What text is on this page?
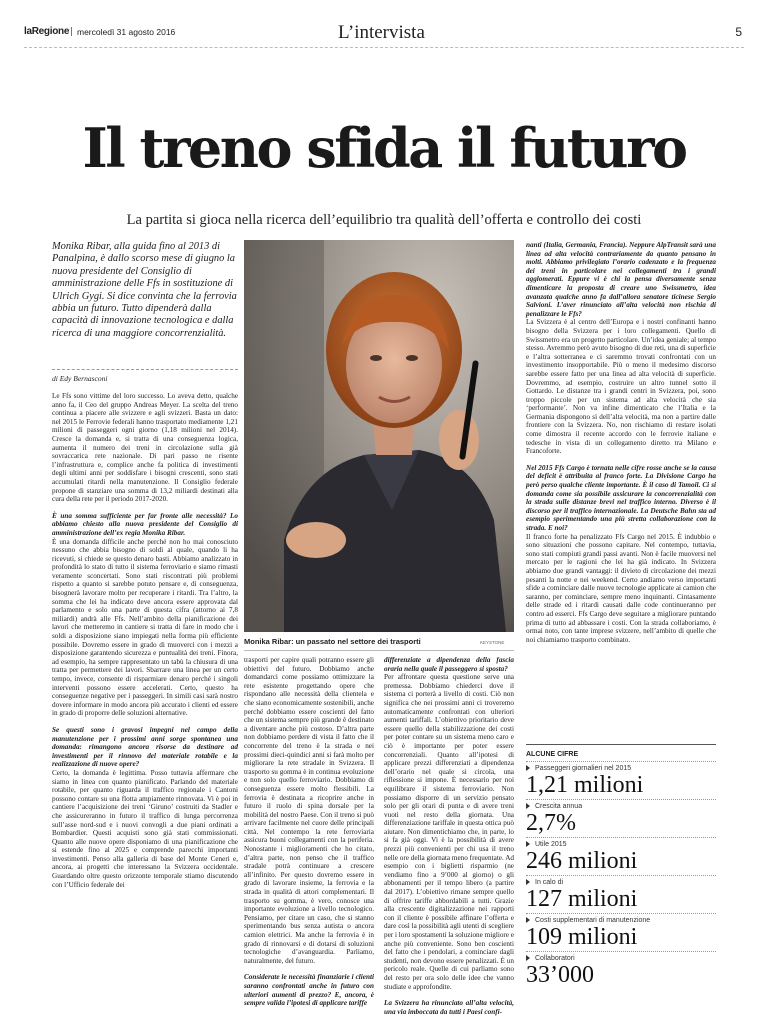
laRegione mercoledì 31 agosto 2016	L’intervista	5
Il treno sfida il futuro
La partita si gioca nella ricerca dell’equilibrio tra qualità dell’offerta e controllo dei costi
Monika Ribar, alla guida fino al 2013 di Panalpina, è dallo scorso mese di giugno la nuova presidente del Consiglio di amministrazione delle Ffs in sostituzione di Ulrich Gygi. Si dice convinta che la ferrovia abbia un futuro. Tutto dipenderà dalla capacità di innovazione tecnologica e dalla ricerca di una maggiore concorrenzialità.
di Edy Bernasconi

Le Ffs sono vittime del loro successo. Lo aveva detto, qualche anno fa, il Ceo del gruppo Andreas Meyer. La scelta del treno continua a piacere alle svizzere e agli svizzeri. Basta un dato: nel 2015 le Ferrovie federali hanno trasportato mediamente 1,21 milioni di passeggeri ogni giorno (1,18 milioni nel 2014). Cresce la domanda e, si tratta di una conseguenza logica, aumenta il numero dei treni in circolazione sulla già sovraccarica rete nazionale. Di pari passo ne risente l’infrastruttura e, complice anche fa politica di investimenti degli ultimi anni per soddisfare i bisogni crescenti, sono stati accumulati ritardi nella manutenzione. Il Consiglio federale propone di stanziare una somma di 13,2 miliardi destinati alla cura della rete per il periodo 2017-2020.

È una somma sufficiente per far fronte alle necessità? Lo abbiamo chiesto alla nuova presidente del Consiglio di amministrazione dell’ex regia Monika Ribar.

È una domanda difficile anche perché non ho mai conosciuto nessuno che abbia bisogno di soldi al quale, quando li ha ricevuti, si chiede se questo denaro basti. Abbiamo analizzato in profondità lo stato di tutto il sistema ferroviario e siamo rimasti veramente sconcertati. Sono stati riscontrati più problemi rispetto a quanto si sarebbe potuto pensare e, di conseguenza, bisognerà lavorare molto per recuperare i ritardi. Tra l’altro, la somma che lei ha indicato deve ancora essere approvata dal parlamento e solo una parte di questa cifra (attorno ai 7,8 miliardi) andrà alle Ffs. Nell’ambito della pianificazione dei lavori che metteremo in cantiere si tratta di fare in modo che i soldi a disposizione siano impiegati nella forma più efficiente possibile. Dovremo essere in grado di muoverci con i mezzi a disposizione garantendo sicurezza e puntualità dei treni. Finora, ad esempio, ha sempre rappresentato un tabù la chiusura di una tratta per permettere dei lavori. Sbarrare una linea per un certo tempo, invece, consente di risparmiare denaro perché i singoli interventi possono essere accelerati. Certo, questo ha conseguenze negative per i passeggeri. In simili casi sarà nostro dovere informare in modo ancora più accurato i clienti ed essere in grado di proporre delle soluzioni alternative.

Se questi sono i gravosi impegni nel campo della manutenzione per i prossimi anni sorge spontanea una domanda: rimangono ancora risorse da destinare ad investimenti per il rinnovo del materiale rotabile e la realizzazione di nuove opere?

Certo, la domanda è legittima. Posso tuttavia affermare che siamo in linea con quanto pianificato. Parlando del materiale rotabile, per quanto riguarda il traffico regionale i Cantoni possono contare su una flotta ampiamente rinnovata. Vi è poi in cantiere l’acquisizione dei treni ‘Giruno’ costruiti da Stadler e che assicureranno in futuro il traffico di lunga percorrenza sull’asse nord-sud e i nuovi convogli a due piani ordinati a Bombardier. Questi acquisti sono già stati commissionati. Quanto alle nuove opere disponiamo di una pianificazione che si estende fino al 2025 e comprende parecchi importanti investimenti. Penso alla galleria di base del Monte Ceneri e, ancora, ai progetti che interessano la Svizzera occidentale. Guardando oltre questo orizzonte temporale stiamo discutendo con l’Ufficio federale dei

Monika Ribar: un passato nel settore dei trasporti	KEYSTONE

trasporti per capire quali potranno essere gli obiettivi del futuro. Dobbiamo anche domandarci come possiamo ottimizzare la rete esistente progettando opere che rispondano alle necessità della clientela e che siano economicamente sostenibili, anche perché dobbiamo essere coscienti del fatto che un sistema sempre più grande è destinato a diventare anche più costoso. D’altra parte non dobbiamo perdere di vista il fatto che il concorrente del treno è la strada e nei prossimi dieci-quindici anni si farà molto per migliorare la rete stradale in Svizzera. Il trasporto su gomma è in continua evoluzione e non solo quello ferroviario. Dobbiamo di conseguenza essere molto flessibili. La ferrovia è destinata a ricoprire anche in futuro il ruolo di spina dorsale per la mobilità del nostro Paese. Con il treno si può arrivare facilmente nel cuore delle principali città. Nel contempo la rete ferroviaria assicura buoni collegamenti con la periferia. Nonostante i miglioramenti che ho citato, d’altra parte, non penso che il traffico stradale potrà continuare a crescere all’infinito. Per questo dovremo essere in grado di lavorare insieme, la ferrovia e la strada in qualità di attori complementari. Il trasporto su gomma, è vero, conosce una importante evoluzione a livello tecnologico. Pensiamo, per citare un caso, che si stanno sperimentando bus senza autista o ancora camion elettrici. Ma anche la ferrovia è in grado di rinnovarsi e di dotarsi di soluzioni tecnologiche d’avanguardia. Parliamo, naturalmente, del futuro.

Considerate le necessità finanziarie i clienti saranno confrontati anche in futuro con ulteriori aumenti di prezzo? E, ancora, è sempre valida l’ipotesi di applicare tariffe

differenziate a dipendenza della fascia oraria nella quale il passeggero si sposta?

Per affrontare questa questione serve una premessa. Dobbiamo chiederci dove il sistema ci porterà a livello di costi. Ciò non significa che nei prossimi anni ci troveremo automaticamente confrontati con ulteriori aumenti tariffali. L’obiettivo prioritario deve essere quello della stabilizzazione dei costi per poter contare su un sistema meno caro e ciò è importante per poter essere concorrenziali. Quanto all’ipotesi di applicare prezzi differenziati a dipendenza dell’orario nel quale si circola, una riflessione si impone. È necessario per noi equilibrare il sistema ferroviario. Non possiamo disporre di un servizio pensato solo per gli orari di punta e di avere treni vuoti nel resto della giornata. Una differenziazione tariffale in questa ottica può aiutare. Non dimentichiamo che, in parte, lo si fa già oggi. Vi è la possibilità di avere prezzi più convenienti per chi usa il treno nelle ore della giornata meno frequentate. Ad esempio con i biglietti risparmio (ne vendiamo fino a 9’000 al giorno) o gli abbonamenti per il tempo libero (a partire dal 2017). L’obiettivo rimane sempre quello di offrire tariffe abbordabili a tutti. Grazie alla crescente digitalizzazione nei rapporti con il cliente è possibile affinare l’offerta e dare così la possibilità agli utenti di scegliere per i loro spostamenti la soluzione migliore e anche più conveniente. Sono ben coscienti del fatto che i pendolari, a cominciare dagli studenti, non devono essere penalizzati. È un pericolo reale. Quelle di cui parliamo sono del resto per ora solo delle idee che vanno studiate e approfondite.

La Svizzera ha rinunciato all’alta velocità, una via imboccata da tutti i Paesi confi-

nanti (Italia, Germania, Francia). Neppure AlpTransit sarà una linea ad alta velocità contrariamente da quanto pensano in molti. Abbiamo privilegiato l’orario cadenzato e la frequenza dei treni in particolare nei collegamenti tra i grandi agglomerati. Eppure vi è chi la pensa diversamente senza dimenticare la proposta di creare uno Swissmetro, idea avanzata qualche anno fa dall’allora senatore ticinese Sergio Salvioni. L’aver rinunciato all’alta velocità non rischia di penalizzare le Ffs?

La Svizzera è al centro dell’Europa e i nostri confinanti hanno bisogno della Svizzera per i loro collegamenti. Quello di Swissmetro era un progetto particolare. Un’idea geniale; al tempo stesso. Avremmo però avuto bisogno di due reti, una di superficie e l’altra sotterranea e ci saremmo trovati confrontati con un investimento insopportabile. Più o meno il medesimo discorso sarebbe essere fatto per una linea ad alta velocità di superficie. Dovremmo, ad esempio, costruire un altro tunnel sotto il Gottardo. Le distanze tra i grandi centri in Svizzera, poi, sono troppo piccole per un sistema ad alta velocità che sia ‘performante’. Non va infine dimenticato che l’Italia e la Germania dispongono sì dell’alta velocità, ma non a partire dalle frontiere con la Svizzera. No, non rischiamo di restare isolati come dimostra il recente accordo con le ferrovie italiane e tedesche in vista di un collegamento diretto tra Milano e Francoforte.

Nel 2015 Ffs Cargo è tornata nelle cifre rosse anche se la causa del deficit è attribuita al franco forte. La Divisione Cargo ha però perso qualche cliente importante. È il caso di Tamoil. Ci si domanda come sia possibile assicurare la concorrenzialità con la strada sulle distanze brevi nel traffico interno. Diverso è il discorso per il traffico internazionale. La Deutsche Bahn sta ad esempio sperimentando una più stretta collaborazione con la strada. E noi?

Il franco forte ha penalizzato Ffs Cargo nel 2015. È indubbio e sono situazioni che possono capitare. Nel contempo, tuttavia, sono stati compiuti grandi passi avanti. Non è facile muoversi nel mercato per le ragioni che lei ha già indicato. In Svizzera abbiamo due grandi vantaggi: il divieto di circolazione dei mezzi pesanti la notte e nei weekend. Certo andiamo verso importanti sfide a cominciare dalle nuove tecnologie applicate ai camion che saranno, per cominciare, sempre meno inquinanti. Cintasamente delle strade ed i ritardi causati dalle code continueranno per contro ad esserci. Ffs Cargo deve seguitare a migliorare puntando prima di tutto ad abbassare i costi. Con la strada collaboriamo, è ormai noto, con tante imprese svizzere, nell’ambito di quelle che noi chiamiamo trasporto combinato.

ALCUNE CIFRE
Passeggeri giornalieri nel 2015
1,21 milioni
Crescita annua
2,7%
Utile 2015
246 milioni
In calo di
127 milioni
Costi supplementari di manutenzione
109 milioni
Collaboratori
33’000
